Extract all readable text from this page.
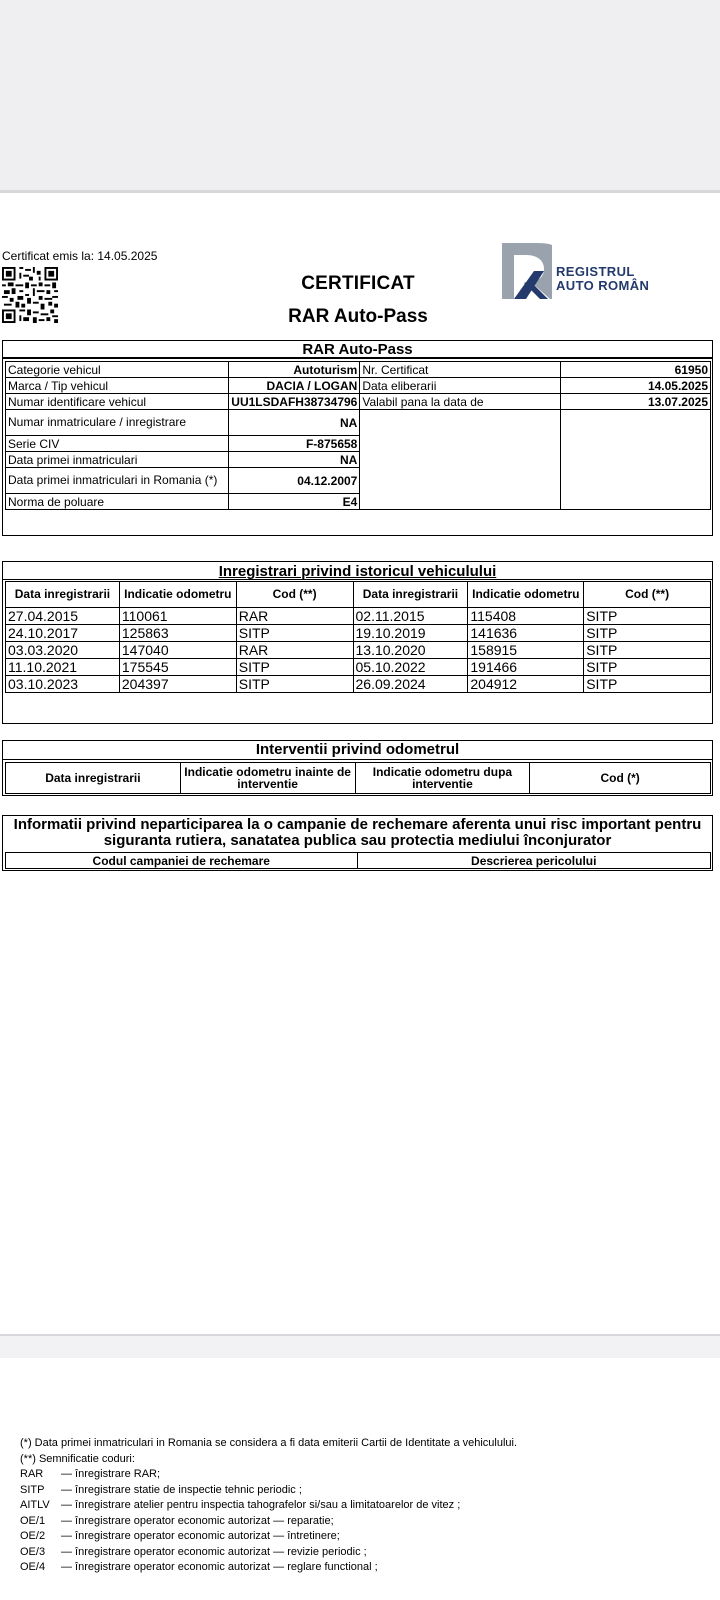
Certificat emis la: 14.05.2025
CERTIFICAT
RAR Auto-Pass
REGISTRUL
AUTO ROMÂN
RAR Auto-Pass
Categorie vehicul	Autoturism	Nr. Certificat	61950
Marca / Tip vehicul	DACIA / LOGAN	Data eliberarii	14.05.2025
Numar identificare vehicul	UU1LSDAFH38734796	Valabil pana la data de	13.07.2025
Numar inmatriculare / inregistrare	NA		
Serie CIV	F-875658		
Data primei inmatriculari	NA		
Data primei inmatriculari in Romania (*)	04.12.2007		
Norma de poluare	E4		
Inregistrari privind istoricul vehiculului
Data inregistrarii	Indicatie odometru	Cod (**)	Data inregistrarii	Indicatie odometru	Cod (**)
27.04.2015	110061	RAR	02.11.2015	115408	SITP
24.10.2017	125863	SITP	19.10.2019	141636	SITP
03.03.2020	147040	RAR	13.10.2020	158915	SITP
11.10.2021	175545	SITP	05.10.2022	191466	SITP
03.10.2023	204397	SITP	26.09.2024	204912	SITP
Interventii privind odometrul
Data inregistrarii	Indicatie odometru inainte de interventie	Indicatie odometru dupa interventie	Cod (*)
Informatii privind neparticiparea la o campanie de rechemare aferenta unui risc important pentru siguranta rutiera, sanatatea publica sau protectia mediului înconjurator
Codul campaniei de rechemare	Descrierea pericolului
(*) Data primei inmatriculari in Romania se considera a fi data emiterii Cartii de Identitate a vehiculului.
(**) Semnificatie coduri:
RAR	— înregistrare RAR;
SITP	— înregistrare statie de inspectie tehnic periodic ;
AITLV	— înregistrare atelier pentru inspectia tahografelor si/sau a limitatoarelor de vitez ;
OE/1	— înregistrare operator economic autorizat — reparatie;
OE/2	— înregistrare operator economic autorizat — întretinere;
OE/3	— înregistrare operator economic autorizat — revizie periodic ;
OE/4	— înregistrare operator economic autorizat — reglare functional ;
